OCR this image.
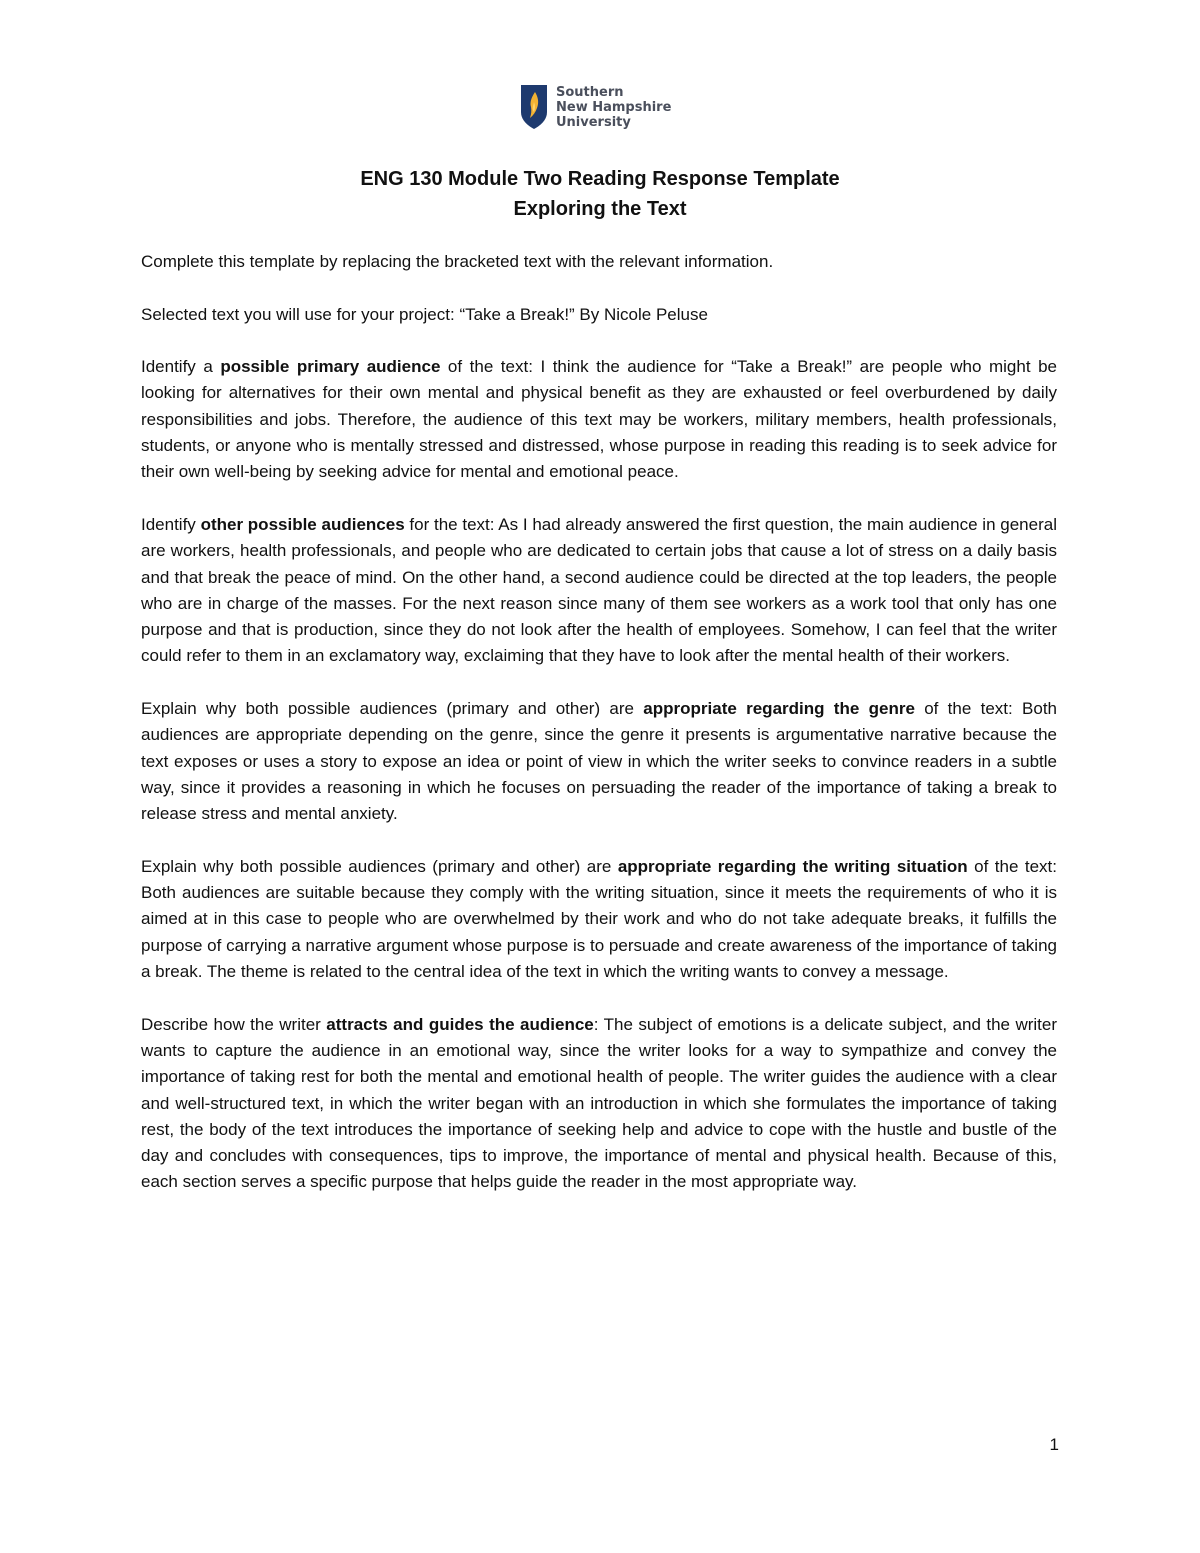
Southern
New Hampshire
University
ENG 130 Module Two Reading Response Template
Exploring the Text

Complete this template by replacing the bracketed text with the relevant information.

Selected text you will use for your project: “Take a Break!” By Nicole Peluse

Identify a possible primary audience of the text: I think the audience for “Take a Break!” are people who might be looking for alternatives for their own mental and physical benefit as they are exhausted or feel overburdened by daily responsibilities and jobs. Therefore, the audience of this text may be workers, military members, health professionals, students, or anyone who is mentally stressed and distressed, whose purpose in reading this reading is to seek advice for their own well-being by seeking advice for mental and emotional peace.

Identify other possible audiences for the text: As I had already answered the first question, the main audience in general are workers, health professionals, and people who are dedicated to certain jobs that cause a lot of stress on a daily basis and that break the peace of mind. On the other hand, a second audience could be directed at the top leaders, the people who are in charge of the masses. For the next reason since many of them see workers as a work tool that only has one purpose and that is production, since they do not look after the health of employees. Somehow, I can feel that the writer could refer to them in an exclamatory way, exclaiming that they have to look after the mental health of their workers.

Explain why both possible audiences (primary and other) are appropriate regarding the genre of the text: Both audiences are appropriate depending on the genre, since the genre it presents is argumentative narrative because the text exposes or uses a story to expose an idea or point of view in which the writer seeks to convince readers in a subtle way, since it provides a reasoning in which he focuses on persuading the reader of the importance of taking a break to release stress and mental anxiety.

Explain why both possible audiences (primary and other) are appropriate regarding the writing situation of the text: Both audiences are suitable because they comply with the writing situation, since it meets the requirements of who it is aimed at in this case to people who are overwhelmed by their work and who do not take adequate breaks, it fulfills the purpose of carrying a narrative argument whose purpose is to persuade and create awareness of the importance of taking a break. The theme is related to the central idea of the text in which the writing wants to convey a message.

Describe how the writer attracts and guides the audience: The subject of emotions is a delicate subject, and the writer wants to capture the audience in an emotional way, since the writer looks for a way to sympathize and convey the importance of taking rest for both the mental and emotional health of people. The writer guides the audience with a clear and well-structured text, in which the writer began with an introduction in which she formulates the importance of taking rest, the body of the text introduces the importance of seeking help and advice to cope with the hustle and bustle of the day and concludes with consequences, tips to improve, the importance of mental and physical health. Because of this, each section serves a specific purpose that helps guide the reader in the most appropriate way.

1
